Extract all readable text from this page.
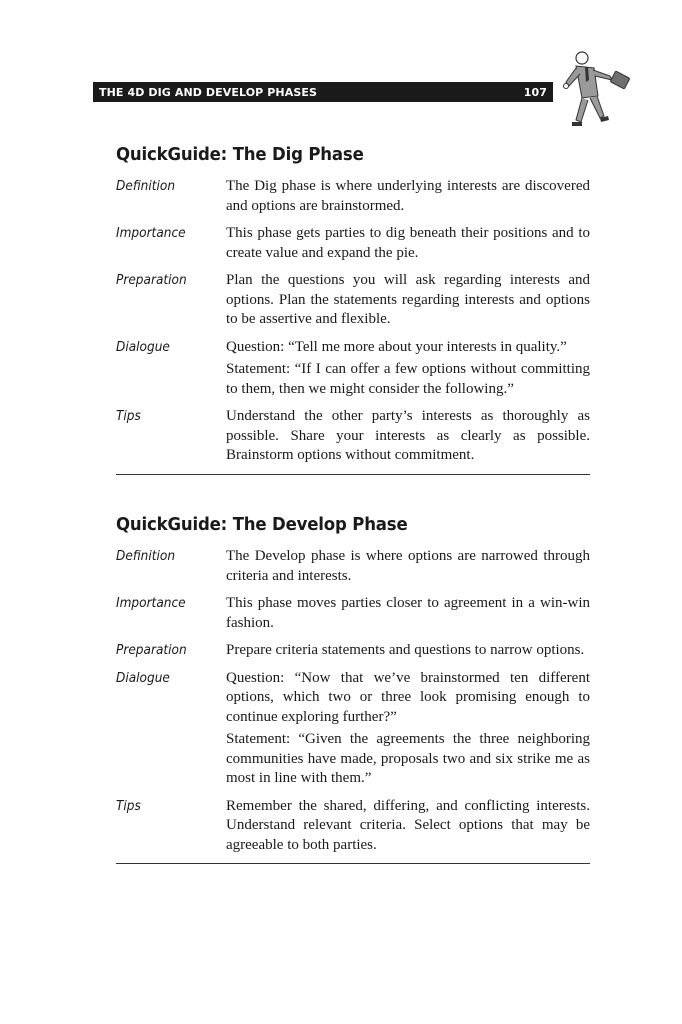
THE 4D DIG AND DEVELOP PHASES	107
QuickGuide: The Dig Phase
Definition	The Dig phase is where underlying interests are discovered and options are brainstormed.

Importance	This phase gets parties to dig beneath their positions and to create value and expand the pie.

Preparation	Plan the questions you will ask regarding interests and options. Plan the statements regarding interests and options to be assertive and flexible.

Dialogue	Question: “Tell me more about your interests in quality.”

Statement: “If I can offer a few options without committing to them, then we might consider the following.”

Tips	Understand the other party’s interests as thoroughly as possible. Share your interests as clearly as possible. Brainstorm options without commitment.

QuickGuide: The Develop Phase
Definition	The Develop phase is where options are narrowed through criteria and interests.

Importance	This phase moves parties closer to agreement in a win-win fashion.

Preparation	Prepare criteria statements and questions to narrow options.

Dialogue	Question: “Now that we’ve brainstormed ten different options, which two or three look promising enough to continue exploring further?”

Statement: “Given the agreements the three neighboring communities have made, proposals two and six strike me as most in line with them.”

Tips	Remember the shared, differing, and conflicting interests. Understand relevant criteria. Select options that may be agreeable to both parties.
